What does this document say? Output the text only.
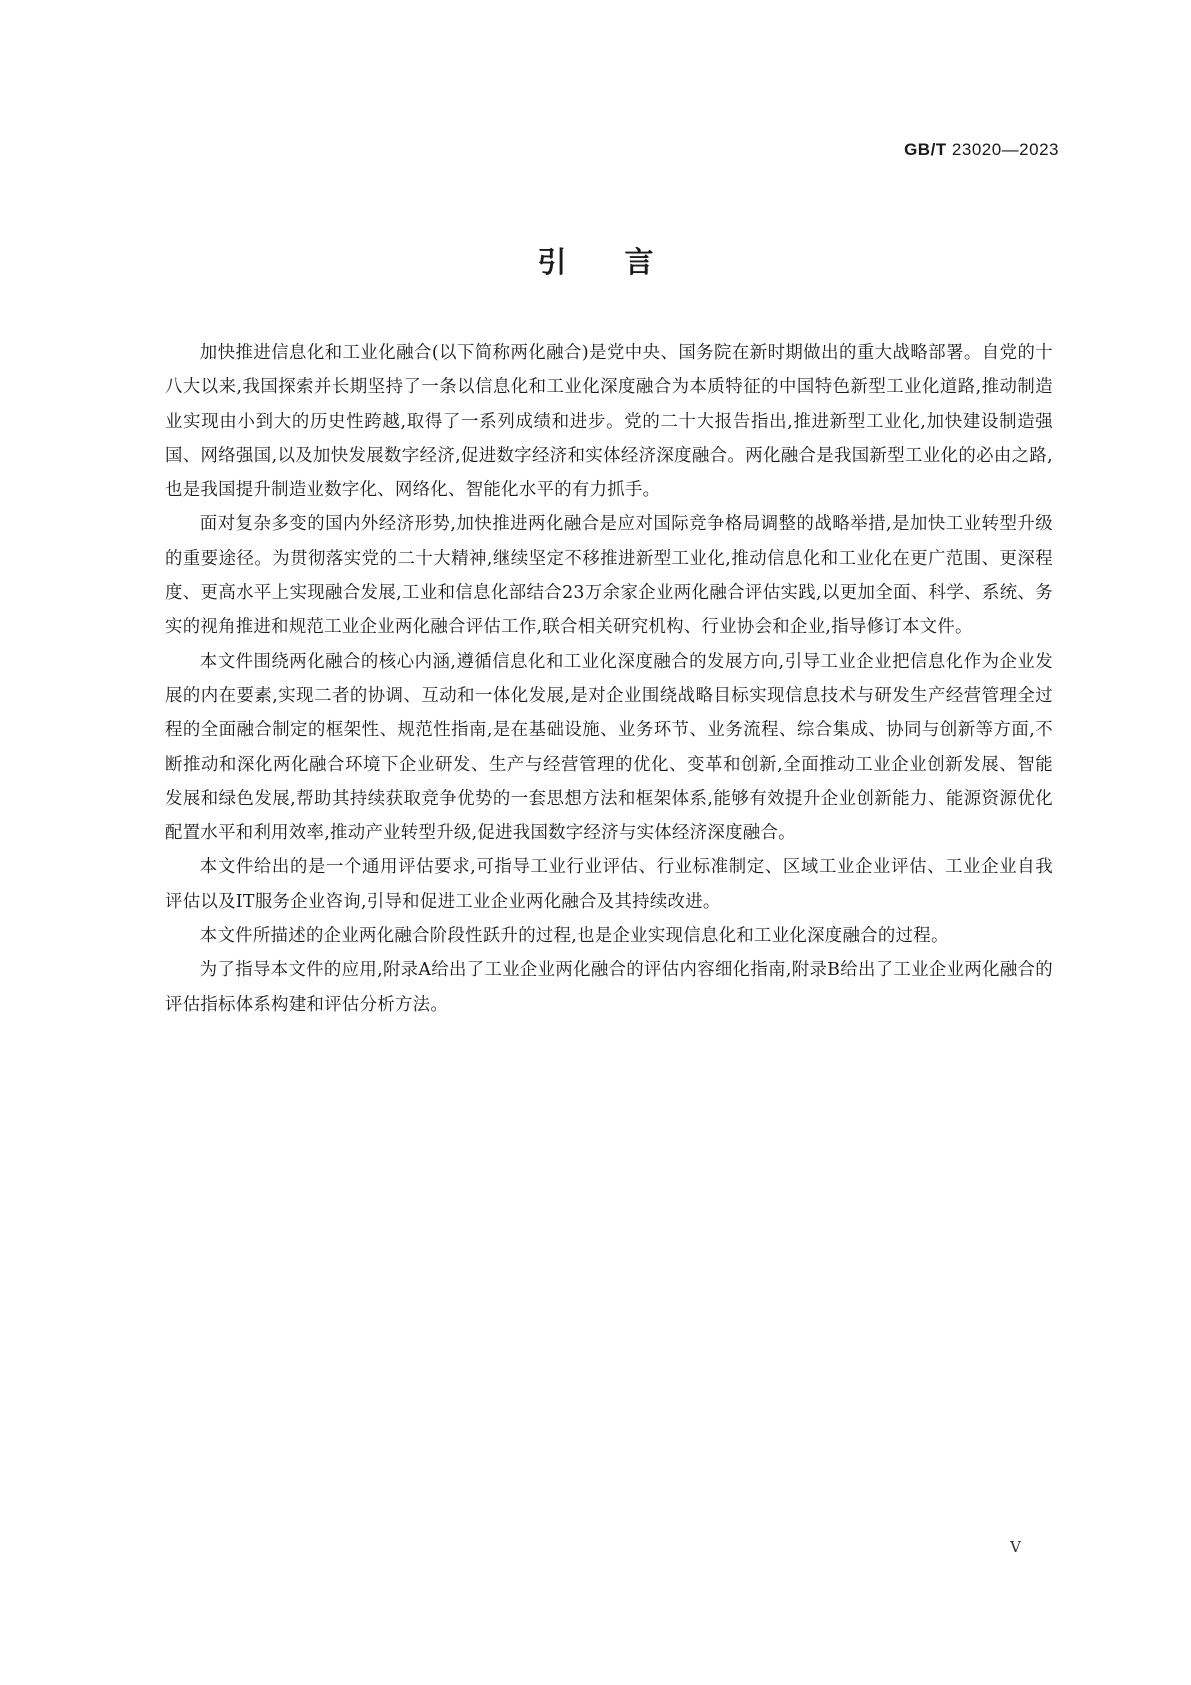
GB/T 23020—2023
引言

加快推进信息化和工业化融合(以下简称两化融合)是党中央、国务院在新时期做出的重大战略部署。自党的十八大以来,我国探索并长期坚持了一条以信息化和工业化深度融合为本质特征的中国特色新型工业化道路,推动制造业实现由小到大的历史性跨越,取得了一系列成绩和进步。党的二十大报告指出,推进新型工业化,加快建设制造强国、网络强国,以及加快发展数字经济,促进数字经济和实体经济深度融合。两化融合是我国新型工业化的必由之路,也是我国提升制造业数字化、网络化、智能化水平的有力抓手。

面对复杂多变的国内外经济形势,加快推进两化融合是应对国际竞争格局调整的战略举措,是加快工业转型升级的重要途径。为贯彻落实党的二十大精神,继续坚定不移推进新型工业化,推动信息化和工业化在更广范围、更深程度、更高水平上实现融合发展,工业和信息化部结合23万余家企业两化融合评估实践,以更加全面、科学、系统、务实的视角推进和规范工业企业两化融合评估工作,联合相关研究机构、行业协会和企业,指导修订本文件。

本文件围绕两化融合的核心内涵,遵循信息化和工业化深度融合的发展方向,引导工业企业把信息化作为企业发展的内在要素,实现二者的协调、互动和一体化发展,是对企业围绕战略目标实现信息技术与研发生产经营管理全过程的全面融合制定的框架性、规范性指南,是在基础设施、业务环节、业务流程、综合集成、协同与创新等方面,不断推动和深化两化融合环境下企业研发、生产与经营管理的优化、变革和创新,全面推动工业企业创新发展、智能发展和绿色发展,帮助其持续获取竞争优势的一套思想方法和框架体系,能够有效提升企业创新能力、能源资源优化配置水平和利用效率,推动产业转型升级,促进我国数字经济与实体经济深度融合。

本文件给出的是一个通用评估要求,可指导工业行业评估、行业标准制定、区域工业企业评估、工业企业自我评估以及IT服务企业咨询,引导和促进工业企业两化融合及其持续改进。

本文件所描述的企业两化融合阶段性跃升的过程,也是企业实现信息化和工业化深度融合的过程。

为了指导本文件的应用,附录A给出了工业企业两化融合的评估内容细化指南,附录B给出了工业企业两化融合的评估指标体系构建和评估分析方法。

V
